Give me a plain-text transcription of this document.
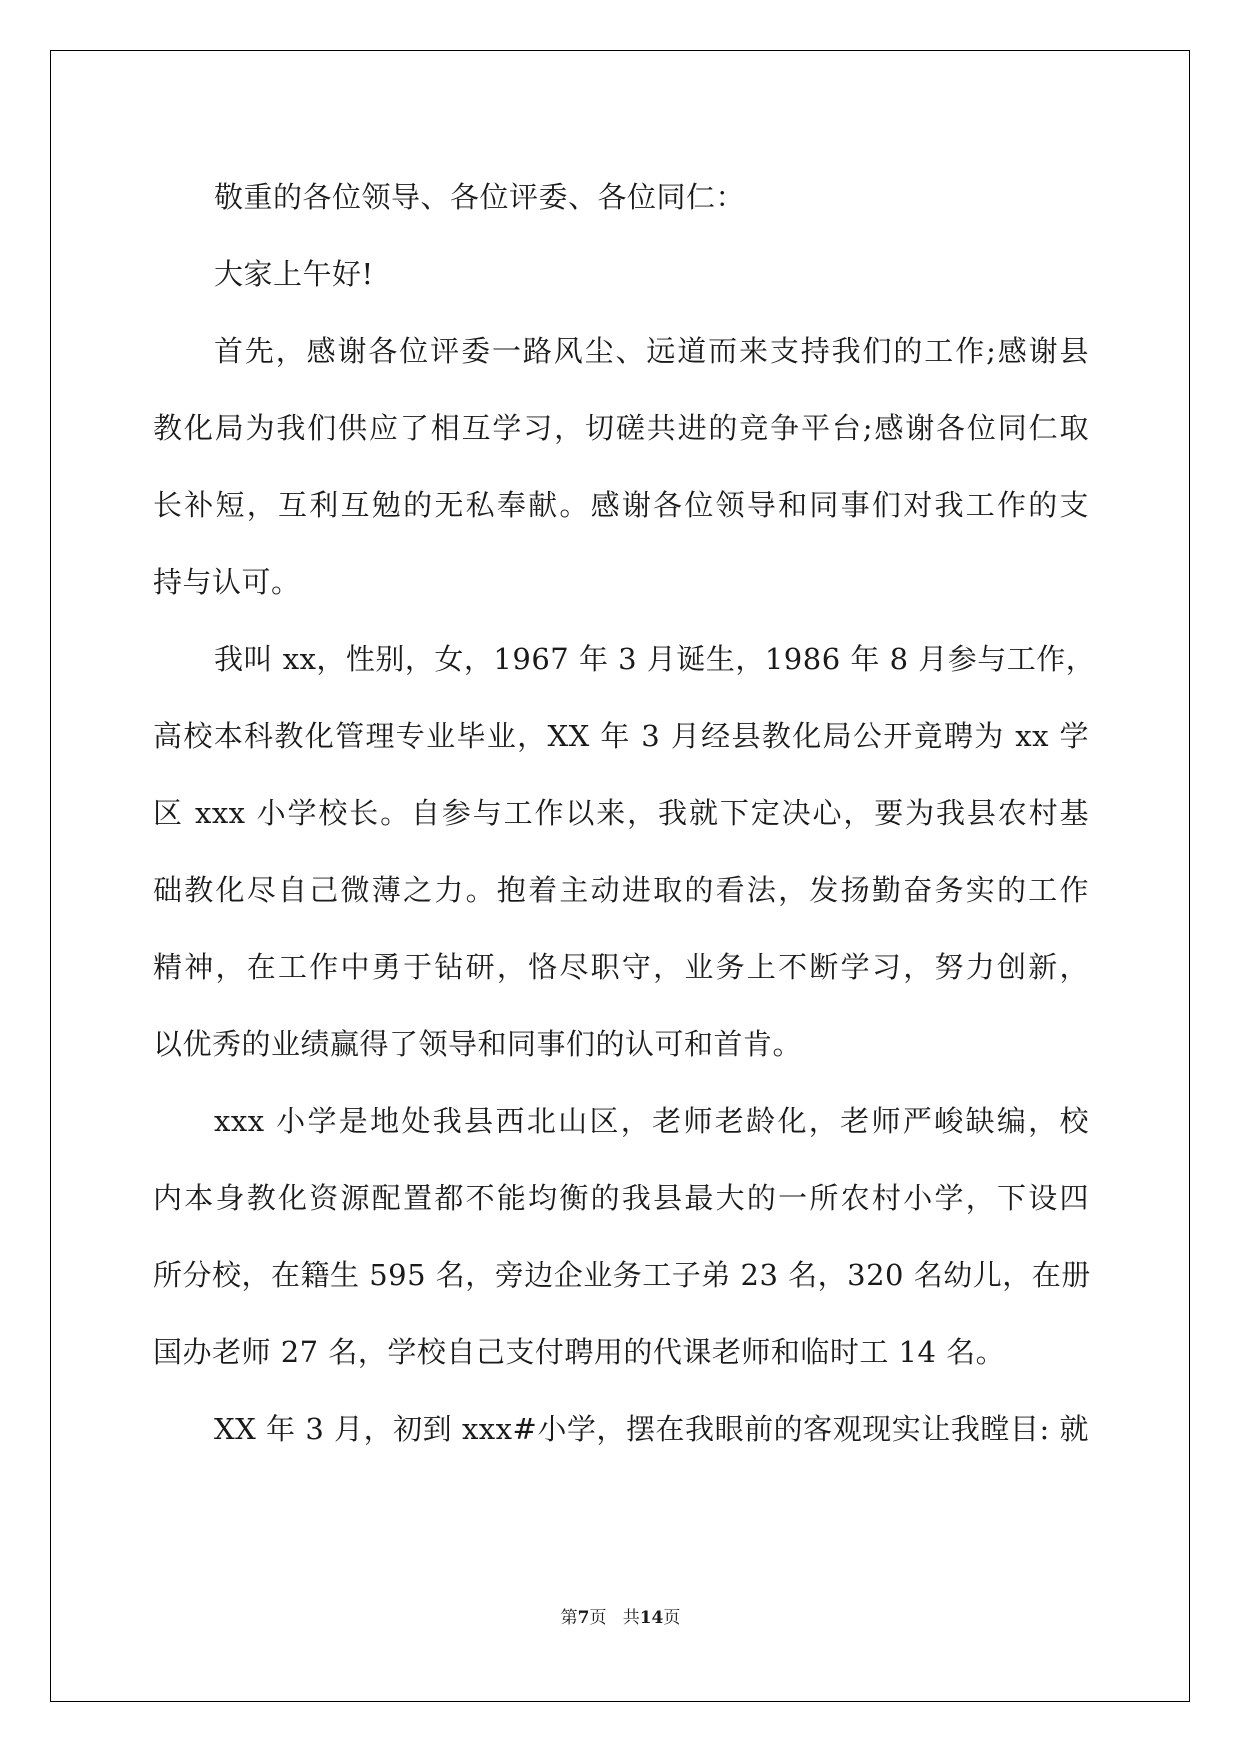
敬重的各位领导、各位评委、各位同仁：

大家上午好!

首先，感谢各位评委一路风尘、远道而来支持我们的工作;感谢县
教化局为我们供应了相互学习，切磋共进的竞争平台;感谢各位同仁取
长补短，互利互勉的无私奉献。感谢各位领导和同事们对我工作的支
持与认可。

我叫 xx，性别，女，1967 年 3 月诞生，1986 年 8 月参与工作，
高校本科教化管理专业毕业，XX 年 3 月经县教化局公开竟聘为 xx 学
区 xxx 小学校长。自参与工作以来，我就下定决心，要为我县农村基
础教化尽自己微薄之力。抱着主动进取的看法，发扬勤奋务实的工作
精神，在工作中勇于钻研，恪尽职守，业务上不断学习，努力创新，
以优秀的业绩赢得了领导和同事们的认可和首肯。

xxx 小学是地处我县西北山区，老师老龄化，老师严峻缺编，校
内本身教化资源配置都不能均衡的我县最大的一所农村小学，下设四
所分校，在籍生 595 名，旁边企业务工子弟 23 名，320 名幼儿，在册
国办老师 27 名，学校自己支付聘用的代课老师和临时工 14 名。

XX 年 3 月，初到 xxx#小学，摆在我眼前的客观现实让我瞠目: 就

第7页 共14页
